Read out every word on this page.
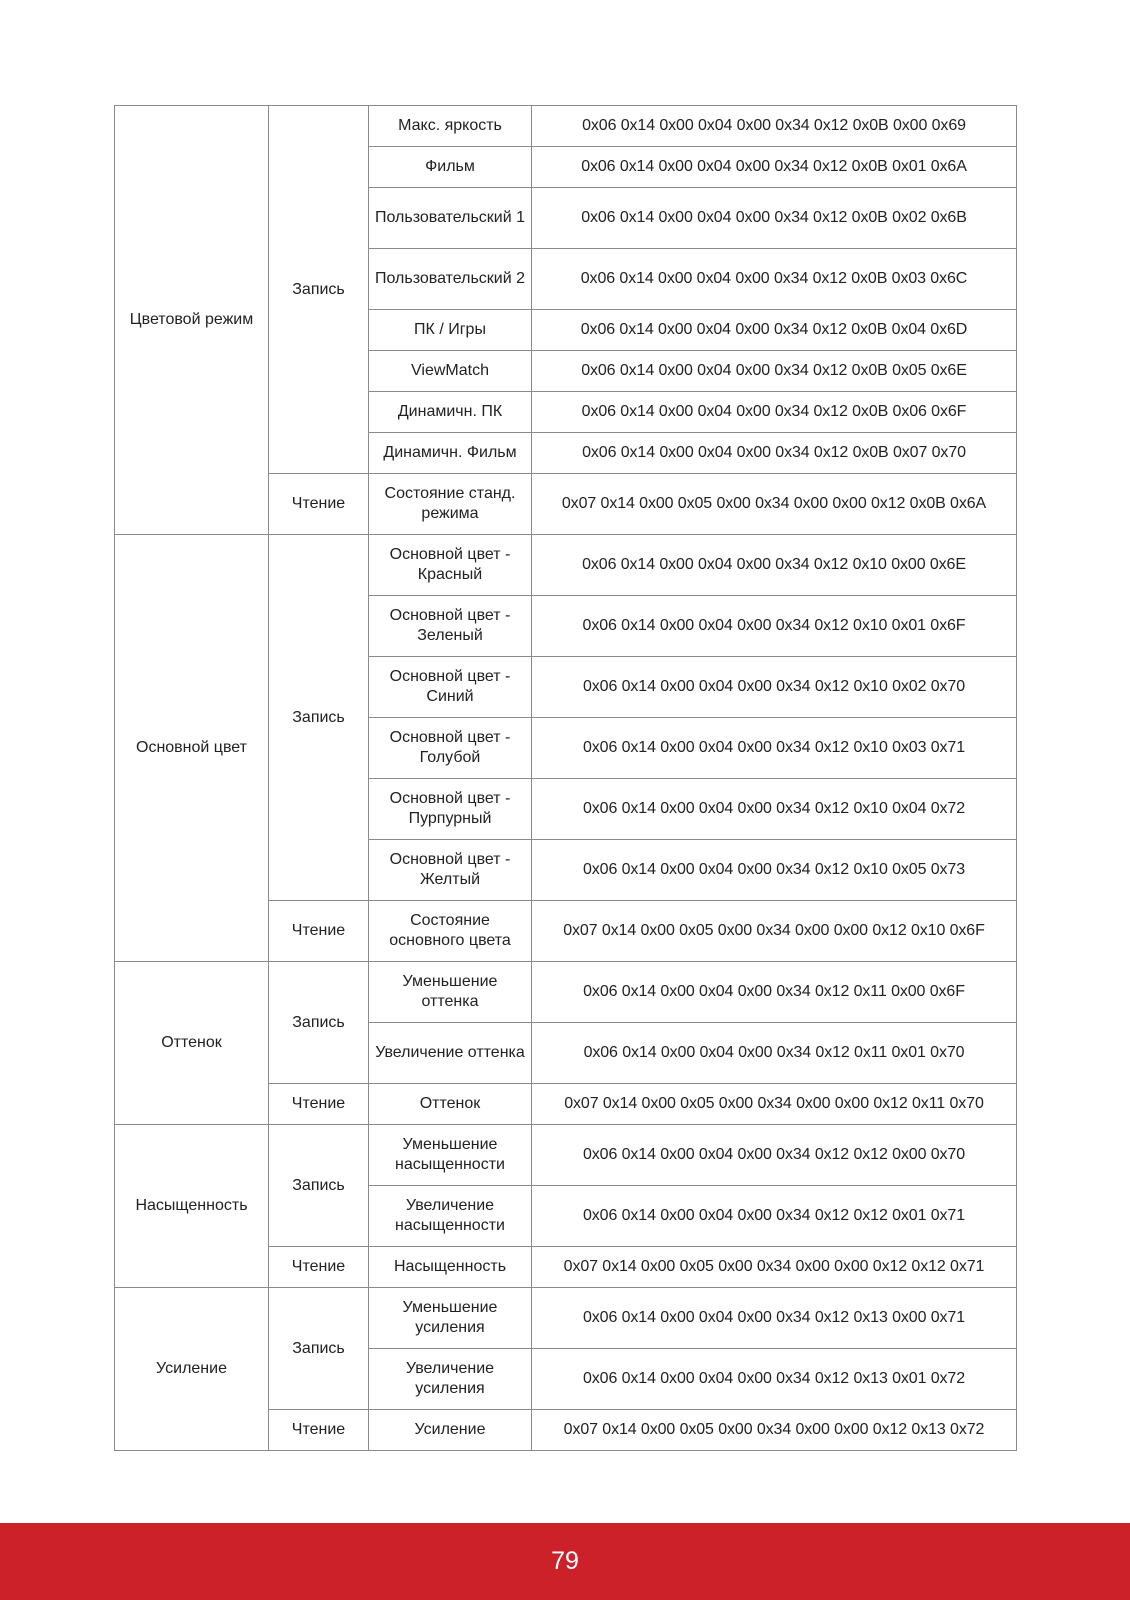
Цветовой режим	Запись	Макс. яркость	0x06 0x14 0x00 0x04 0x00 0x34 0x12 0x0B 0x00 0x69
		Фильм	0x06 0x14 0x00 0x04 0x00 0x34 0x12 0x0B 0x01 0x6A
		Пользовательский 1	0x06 0x14 0x00 0x04 0x00 0x34 0x12 0x0B 0x02 0x6B
		Пользовательский 2	0x06 0x14 0x00 0x04 0x00 0x34 0x12 0x0B 0x03 0x6C
		ПК / Игры	0x06 0x14 0x00 0x04 0x00 0x34 0x12 0x0B 0x04 0x6D
		ViewMatch	0x06 0x14 0x00 0x04 0x00 0x34 0x12 0x0B 0x05 0x6E
		Динамичн. ПК	0x06 0x14 0x00 0x04 0x00 0x34 0x12 0x0B 0x06 0x6F
		Динамичн. Фильм	0x06 0x14 0x00 0x04 0x00 0x34 0x12 0x0B 0x07 0x70
	Чтение	Состояние станд. режима	0x07 0x14 0x00 0x05 0x00 0x34 0x00 0x00 0x12 0x0B 0x6A
Основной цвет	Запись	Основной цвет - Красный	0x06 0x14 0x00 0x04 0x00 0x34 0x12 0x10 0x00 0x6E
		Основной цвет - Зеленый	0x06 0x14 0x00 0x04 0x00 0x34 0x12 0x10 0x01 0x6F
		Основной цвет - Синий	0x06 0x14 0x00 0x04 0x00 0x34 0x12 0x10 0x02 0x70
		Основной цвет - Голубой	0x06 0x14 0x00 0x04 0x00 0x34 0x12 0x10 0x03 0x71
		Основной цвет - Пурпурный	0x06 0x14 0x00 0x04 0x00 0x34 0x12 0x10 0x04 0x72
		Основной цвет - Желтый	0x06 0x14 0x00 0x04 0x00 0x34 0x12 0x10 0x05 0x73
	Чтение	Состояние основного цвета	0x07 0x14 0x00 0x05 0x00 0x34 0x00 0x00 0x12 0x10 0x6F
Оттенок	Запись	Уменьшение оттенка	0x06 0x14 0x00 0x04 0x00 0x34 0x12 0x11 0x00 0x6F
		Увеличение оттенка	0x06 0x14 0x00 0x04 0x00 0x34 0x12 0x11 0x01 0x70
	Чтение	Оттенок	0x07 0x14 0x00 0x05 0x00 0x34 0x00 0x00 0x12 0x11 0x70
Насыщенность	Запись	Уменьшение насыщенности	0x06 0x14 0x00 0x04 0x00 0x34 0x12 0x12 0x00 0x70
		Увеличение насыщенности	0x06 0x14 0x00 0x04 0x00 0x34 0x12 0x12 0x01 0x71
	Чтение	Насыщенность	0x07 0x14 0x00 0x05 0x00 0x34 0x00 0x00 0x12 0x12 0x71
Усиление	Запись	Уменьшение усиления	0x06 0x14 0x00 0x04 0x00 0x34 0x12 0x13 0x00 0x71
		Увеличение усиления	0x06 0x14 0x00 0x04 0x00 0x34 0x12 0x13 0x01 0x72
	Чтение	Усиление	0x07 0x14 0x00 0x05 0x00 0x34 0x00 0x00 0x12 0x13 0x72
79
